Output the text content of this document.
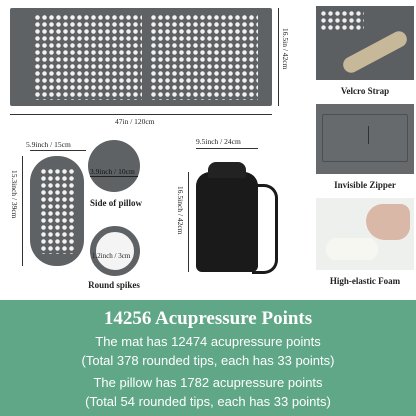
16.5in / 42cm
47in / 120cm
5.9inch / 15cm
15.3inch / 39cm	3.9inch / 10cm
Side of pillow
1.2inch / 3cm
Round spikes
9.5inch / 24cm
16.5inch / 42cm
Velcro Strap
Invisible Zipper
High-elastic Foam
14256 Acupressure Points
The mat has 12474 acupressure points
(Total 378 rounded tips, each has 33 points)
The pillow has 1782 acupressure points
(Total 54 rounded tips, each has 33 points)
